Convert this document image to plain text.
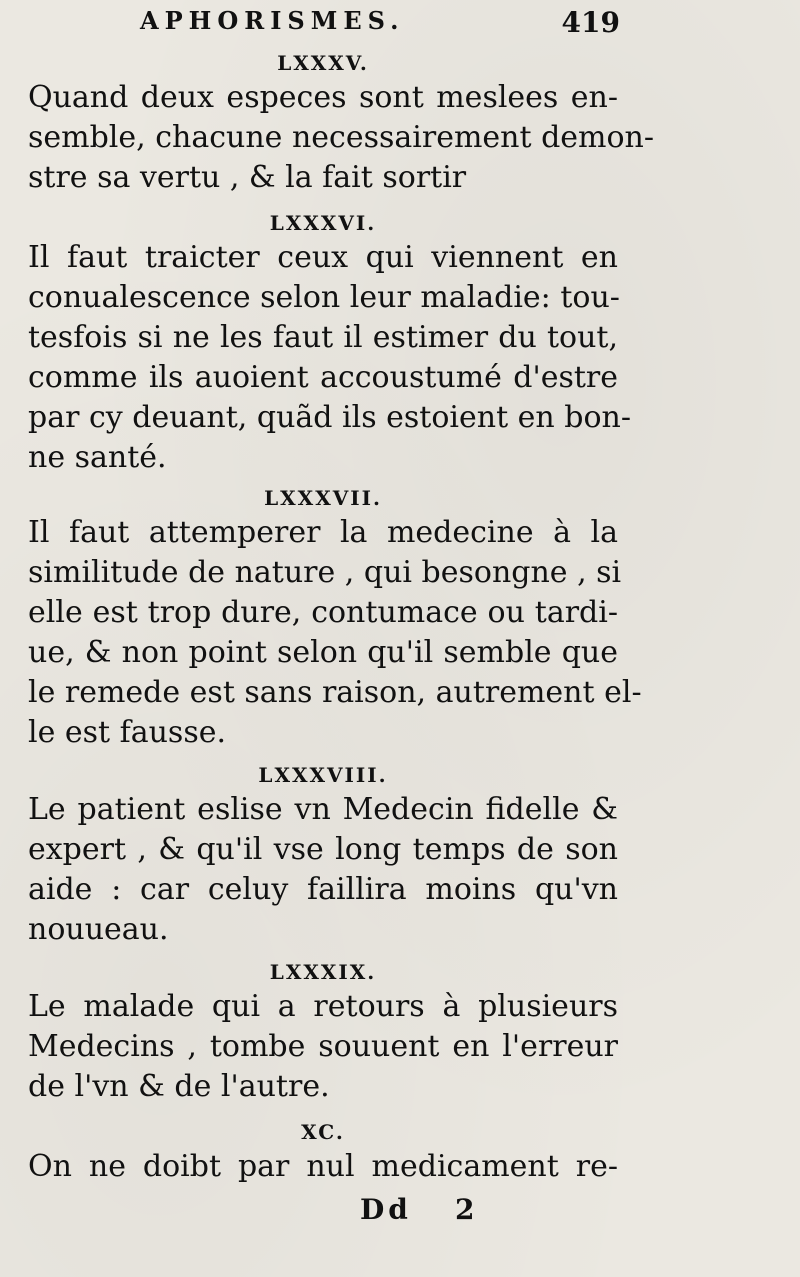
APHORISMES.	419
LXXXV.
Quand deux especes sont meslees en-
semble, chacune necessairement demon-
stre sa vertu , & la fait sortir
LXXXVI.
Il faut traicter ceux qui viennent en
conualescence selon leur maladie: tou-
tesfois si ne les faut il estimer du tout,
comme ils auoient accoustumé d'estre
par cy deuant, quãd ils estoient en bon-
ne santé.
LXXXVII.
Il faut attemperer la medecine à la
similitude de nature , qui besongne , si
elle est trop dure, contumace ou tardi-
ue, & non point selon qu'il semble que
le remede est sans raison, autrement el-
le est fausse.
LXXXVIII.
Le patient eslise vn Medecin fidelle &
expert , & qu'il vse long temps de son
aide : car celuy faillira moins qu'vn
nouueau.
LXXXIX.
Le malade qui a retours à plusieurs
Medecins , tombe souuent en l'erreur
de l'vn & de l'autre.
XC.
On ne doibt par nul medicament re-
Dd 2
